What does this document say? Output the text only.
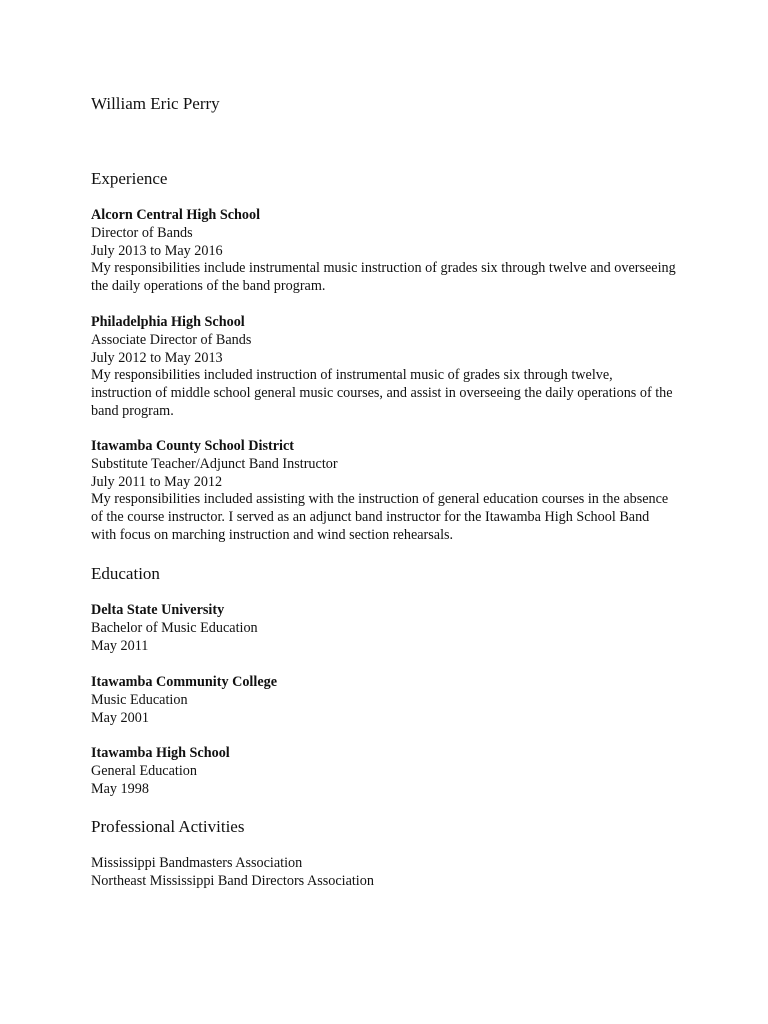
William Eric Perry
Experience
Alcorn Central High School
Director of Bands
July 2013 to May 2016
My responsibilities include instrumental music instruction of grades six through twelve and overseeing the daily operations of the band program.
Philadelphia High School
Associate Director of Bands
July 2012 to May 2013
My responsibilities included instruction of instrumental music of grades six through twelve, instruction of middle school general music courses, and assist in overseeing the daily operations of the band program.
Itawamba County School District
Substitute Teacher/Adjunct Band Instructor
July 2011 to May 2012
My responsibilities included assisting with the instruction of general education courses in the absence of the course instructor. I served as an adjunct band instructor for the Itawamba High School Band with focus on marching instruction and wind section rehearsals.
Education
Delta State University
Bachelor of Music Education
May 2011
Itawamba Community College
Music Education
May 2001
Itawamba High School
General Education
May 1998
Professional Activities
Mississippi Bandmasters Association
Northeast Mississippi Band Directors Association
